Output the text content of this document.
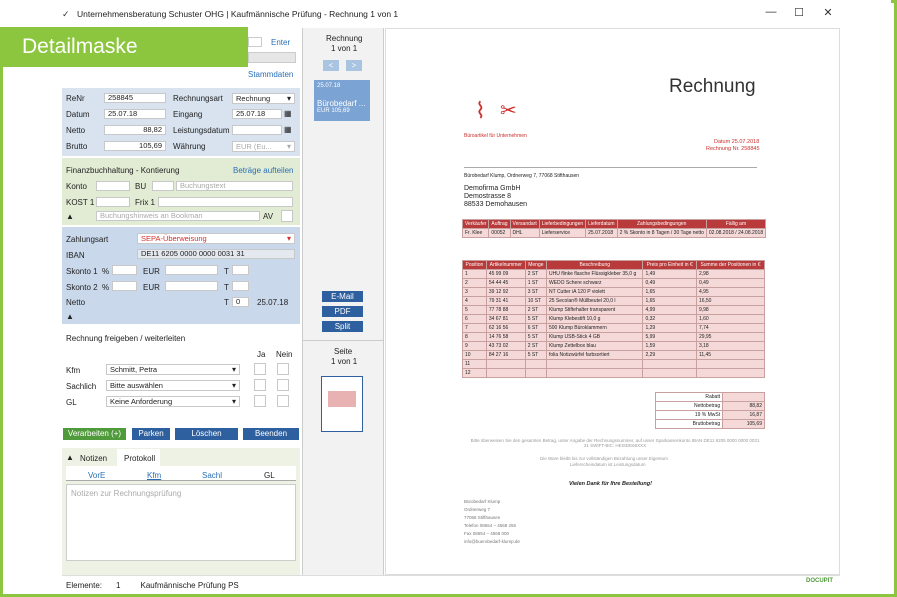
✓ Unternehmensberatung Schuster OHG | Kaufmännische Prüfung - Rechnung 1 von 1	— ☐ ✕
Enter
Stammdaten
Detailmaske
ReNr	258845	Rechnungsart	Rechnung ▾
Datum	25.07.18	Eingang	25.07.18	▦
Netto	88,82	Leistungsdatum	▦
Brutto	105,69	Währung	EUR (Eu... ▾
Finanzbuchhaltung - Kontierung	Beträge aufteilen
Konto	BU	Buchungstext
KOST 1	Frix 1
▲	Buchungshinweis an Bookman	AV
Zahlungsart	SEPA-Überweisung ▾
IBAN	DE11 6205 0000 0000 0031 31
Skonto 1 %	EUR	T
Skonto 2 %	EUR	T
Netto	T 0	25.07.18
▲
Rechnung freigeben / weiterleiten
Ja Nein
Kfm	Schmitt, Petra ▾
Sachlich	Bitte auswählen ▾
GL	Keine Anforderung ▾
Verarbeiten (+)	Parken	Löschen	Beenden
▲ Notizen Protokoll
VorE	Kfm	Sachl	GL
Notizen zur Rechnungsprüfung
Rechnung
1 von 1
<	>
25.07.18
Bürobedarf ...
EUR 105,69
E-Mail
PDF
Split
Seite
1 von 1
Rechnung
⌇ ✂
Büroartikel für Unternehmen
Datum 25.07.2018
Rechnung Nr. 258845
Bürobedarf Klump, Ordnerweg 7, 77068 Stifthausen
Demofirma GmbH
Demostrasse 8
88533 Demohausen
Verkäufer	Auftrag	Versandart	Lieferbedingungen	Lieferdatum	Zahlungsbedingungen	Fällig am
Fr. Klee	00052	DHL	Lieferservice	25.07.2018	2 % Skonto in 8 Tagen / 30 Tage netto	02.08.2018 / 24.08.2018
Position	Artikelnummer	Menge	Beschreibung	Preis pro Einheit in €	Summe der Positionen in €
1	45 99 09	2 ST	UHU flinke flasche Flüssigkleber 35,0 g	1,49	2,98
2	54 44 45	1 ST	WEDO Schere schwarz	0,49	0,49
3	39 12 92	3 ST	NT Cutter iA 120 P violett	1,65	4,95
4	79 31 41	10 ST	25 Secolan® Müllbeutel 20,0 l	1,65	16,50
5	77 78 88	2 ST	Klump Stiftehalter transparent	4,99	9,98
6	34 67 81	5 ST	Klump Klebestift 10,0 g	0,32	1,60
7	62 16 56	6 ST	500 Klump Büroklammern	1,29	7,74
8	14 76 58	5 ST	Klump USB-Stick 4 GB	5,99	29,95
9	43 73 02	2 ST	Klump Zettelbox blau	1,59	3,18
10	84 27 16	5 ST	folia Notizwürfel farbsortiert	2,29	11,45
11					
12					
Rabatt	
Nettobetrag	88,82
19 % MwSt	16,87
Bruttobetrag	105,69
Bitte überweisen Sie den gesamten Betrag, unter Angabe der Rechnungsnummer, auf unser Sparkassenkonto IBAN DE11 6205 0000 0000 0031 31 SWIFT-BIC: HEISDE66XXX
Die Ware bleibt bis zur vollständigen Bezahlung unser Eigentum
Lieferscheindatum ist Leistungsdatum
Vielen Dank für Ihre Bestellung!
Bürobedarf Klump
Ordnerweg 7
77068 Stifthausen
Telefon 08654 – 4568 256
Fax 08654 – 4568 000
info@buerobedarf-klump.de
Elemente: 1	Kaufmännische Prüfung PS	DOCUPIT
